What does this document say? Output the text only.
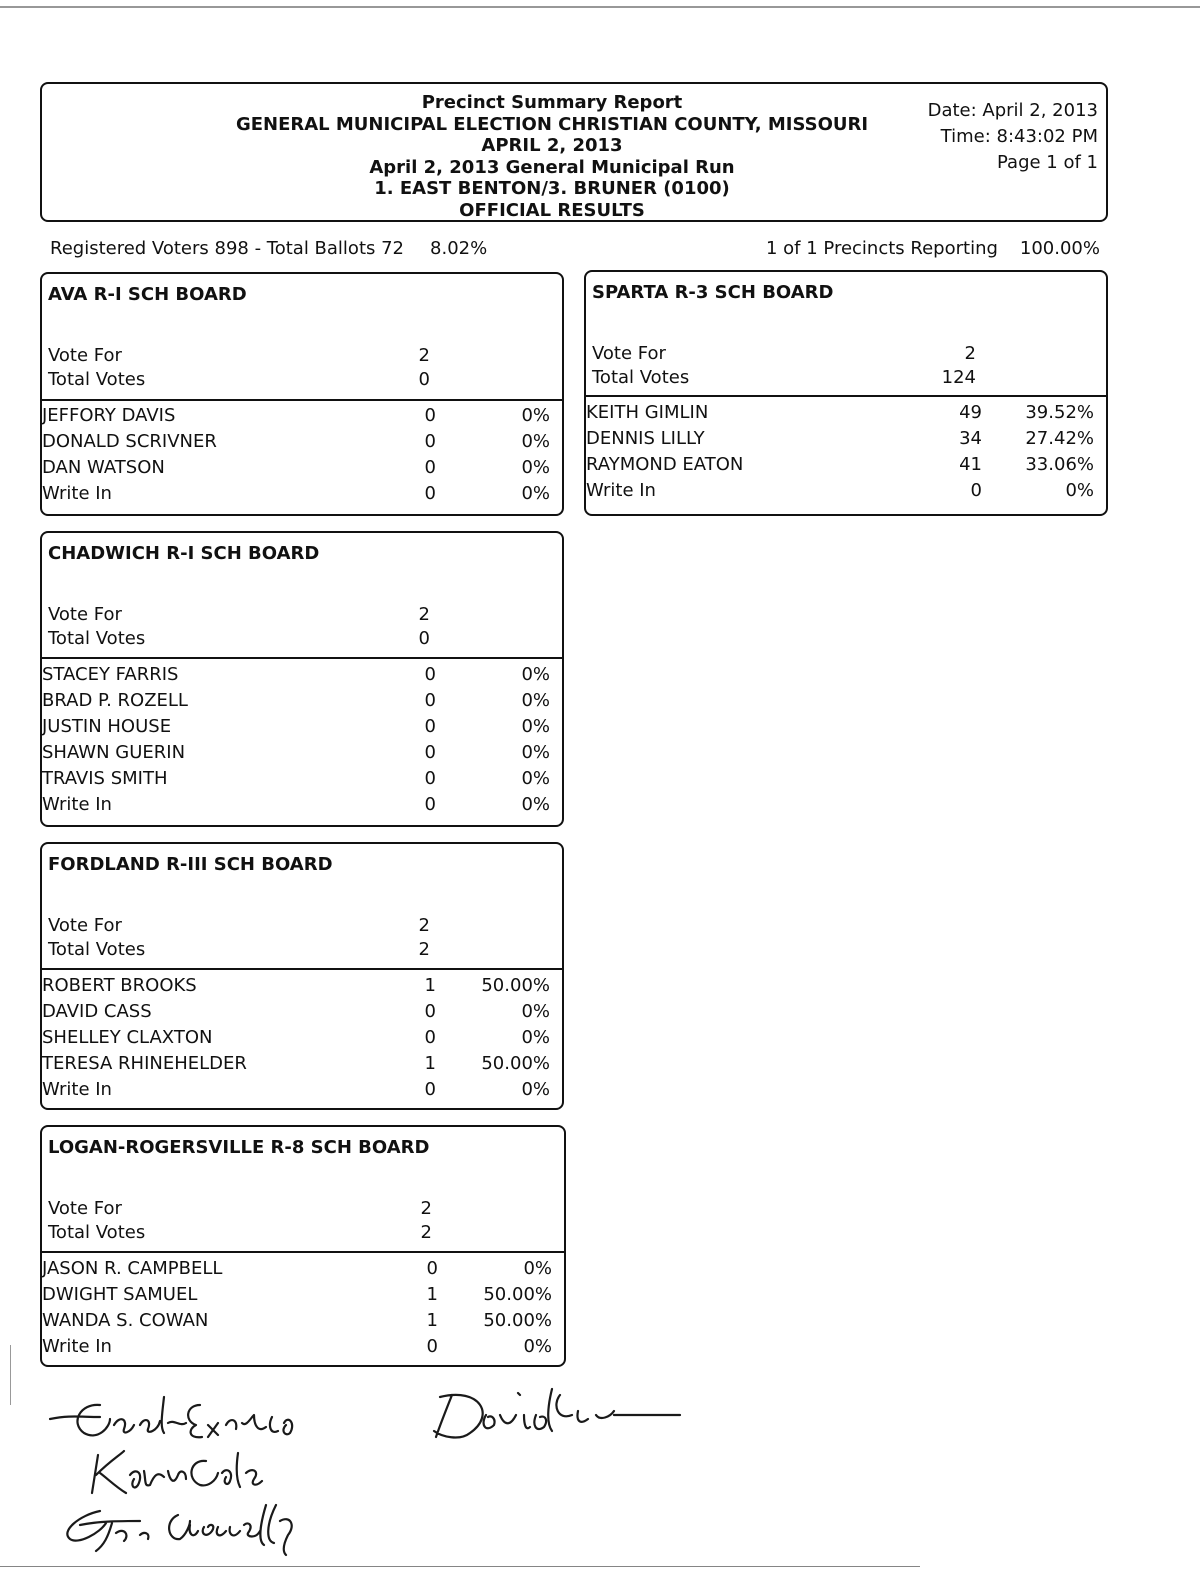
Precinct Summary Report
GENERAL MUNICIPAL ELECTION CHRISTIAN COUNTY, MISSOURI
APRIL 2, 2013
April 2, 2013 General Municipal Run
1. EAST BENTON/3. BRUNER (0100)
OFFICIAL RESULTS
Date: April 2, 2013
Time: 8:43:02 PM
Page 1 of 1
Registered Voters 898 - Total Ballots 72 8.02%	1 of 1 Precincts Reporting 100.00%
AVA R-I SCH BOARD
Vote For	2
Total Votes	0
JEFFORY DAVIS	0	0%
DONALD SCRIVNER	0	0%
DAN WATSON	0	0%
Write In	0	0%
SPARTA R-3 SCH BOARD
Vote For	2
Total Votes	124
KEITH GIMLIN	49 39.52%
DENNIS LILLY	34 27.42%
RAYMOND EATON	41 33.06%
Write In	0	0%
CHADWICH R-I SCH BOARD
Vote For	2
Total Votes	0
STACEY FARRIS	0	0%
BRAD P. ROZELL	0	0%
JUSTIN HOUSE	0	0%
SHAWN GUERIN	0	0%
TRAVIS SMITH	0	0%
Write In	0	0%
FORDLAND R-III SCH BOARD
Vote For	2
Total Votes	2
ROBERT BROOKS	1	50.00%
DAVID CASS	0	0%
SHELLEY CLAXTON	0	0%
TERESA RHINEHELDER	1	50.00%
Write In	0	0%
LOGAN-ROGERSVILLE R-8 SCH BOARD
Vote For	2
Total Votes	2
JASON R. CAMPBELL	0	0%
DWIGHT SAMUEL	1	50.00%
WANDA S. COWAN	1	50.00%
Write In	0	0%
